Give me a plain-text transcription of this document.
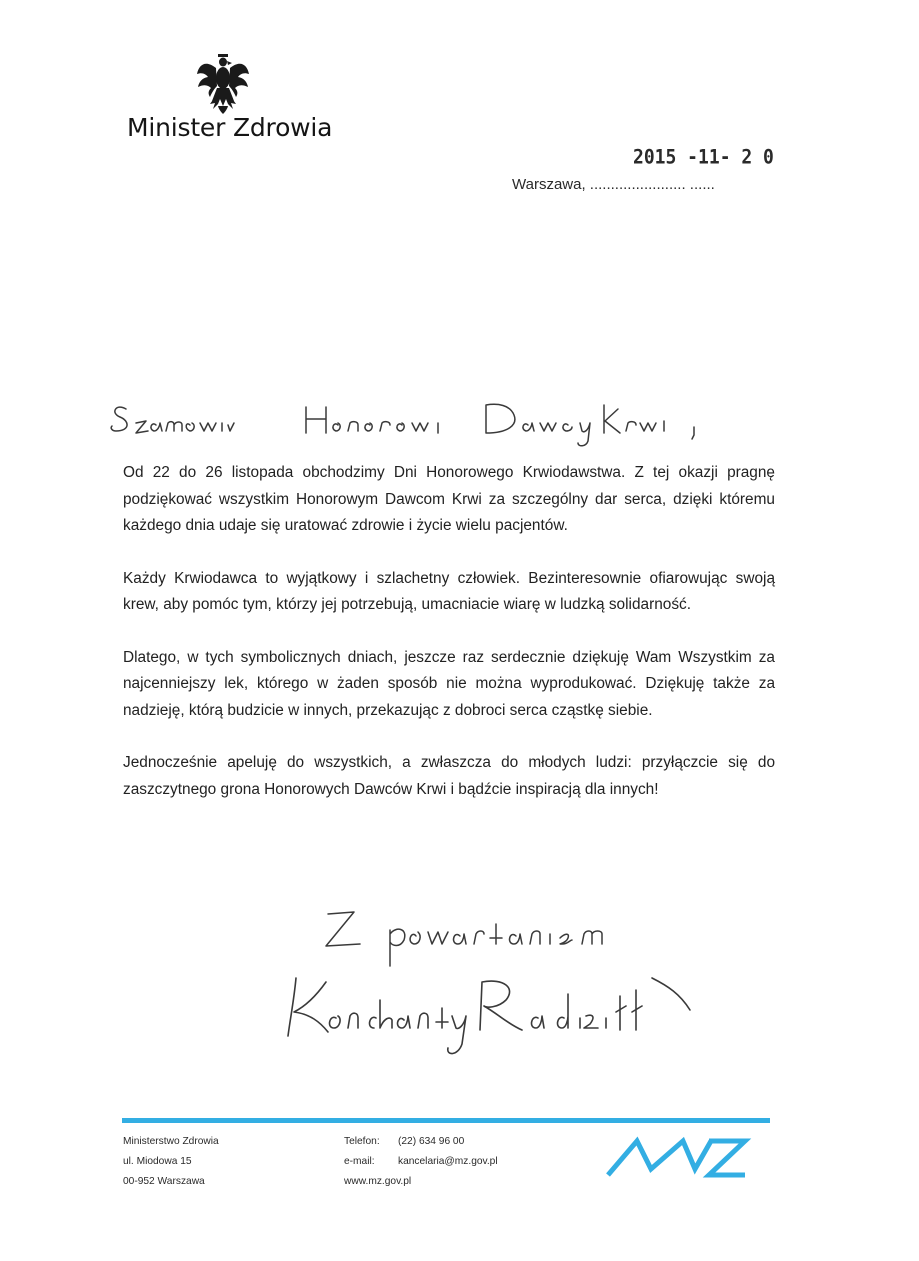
Minister Zdrowia
2015 -11- 2 0
Warszawa, ....................... ......

Od 22 do 26 listopada obchodzimy Dni Honorowego Krwiodawstwa. Z tej okazji pragnę podziękować wszystkim Honorowym Dawcom Krwi za szczególny dar serca, dzięki któremu każdego dnia udaje się uratować zdrowie i życie wielu pacjentów.

Każdy Krwiodawca to wyjątkowy i szlachetny człowiek. Bezinteresownie ofiarowując swoją krew, aby pomóc tym, którzy jej potrzebują, umacniacie wiarę w ludzką solidarność.

Dlatego, w tych symbolicznych dniach, jeszcze raz serdecznie dziękuję Wam Wszystkim za najcenniejszy lek, którego w żaden sposób nie można wyprodukować. Dziękuję także za nadzieję, którą budzicie w innych, przekazując z dobroci serca cząstkę siebie.

Jednocześnie apeluję do wszystkich, a zwłaszcza do młodych ludzi: przyłączcie się do zaszczytnego grona Honorowych Dawców Krwi i bądźcie inspiracją dla innych!

Ministerstwo Zdrowia
ul. Miodowa 15
00-952 Warszawa
Telefon:	(22) 634 96 00
e-mail:	kancelaria@mz.gov.pl
www.mz.gov.pl
